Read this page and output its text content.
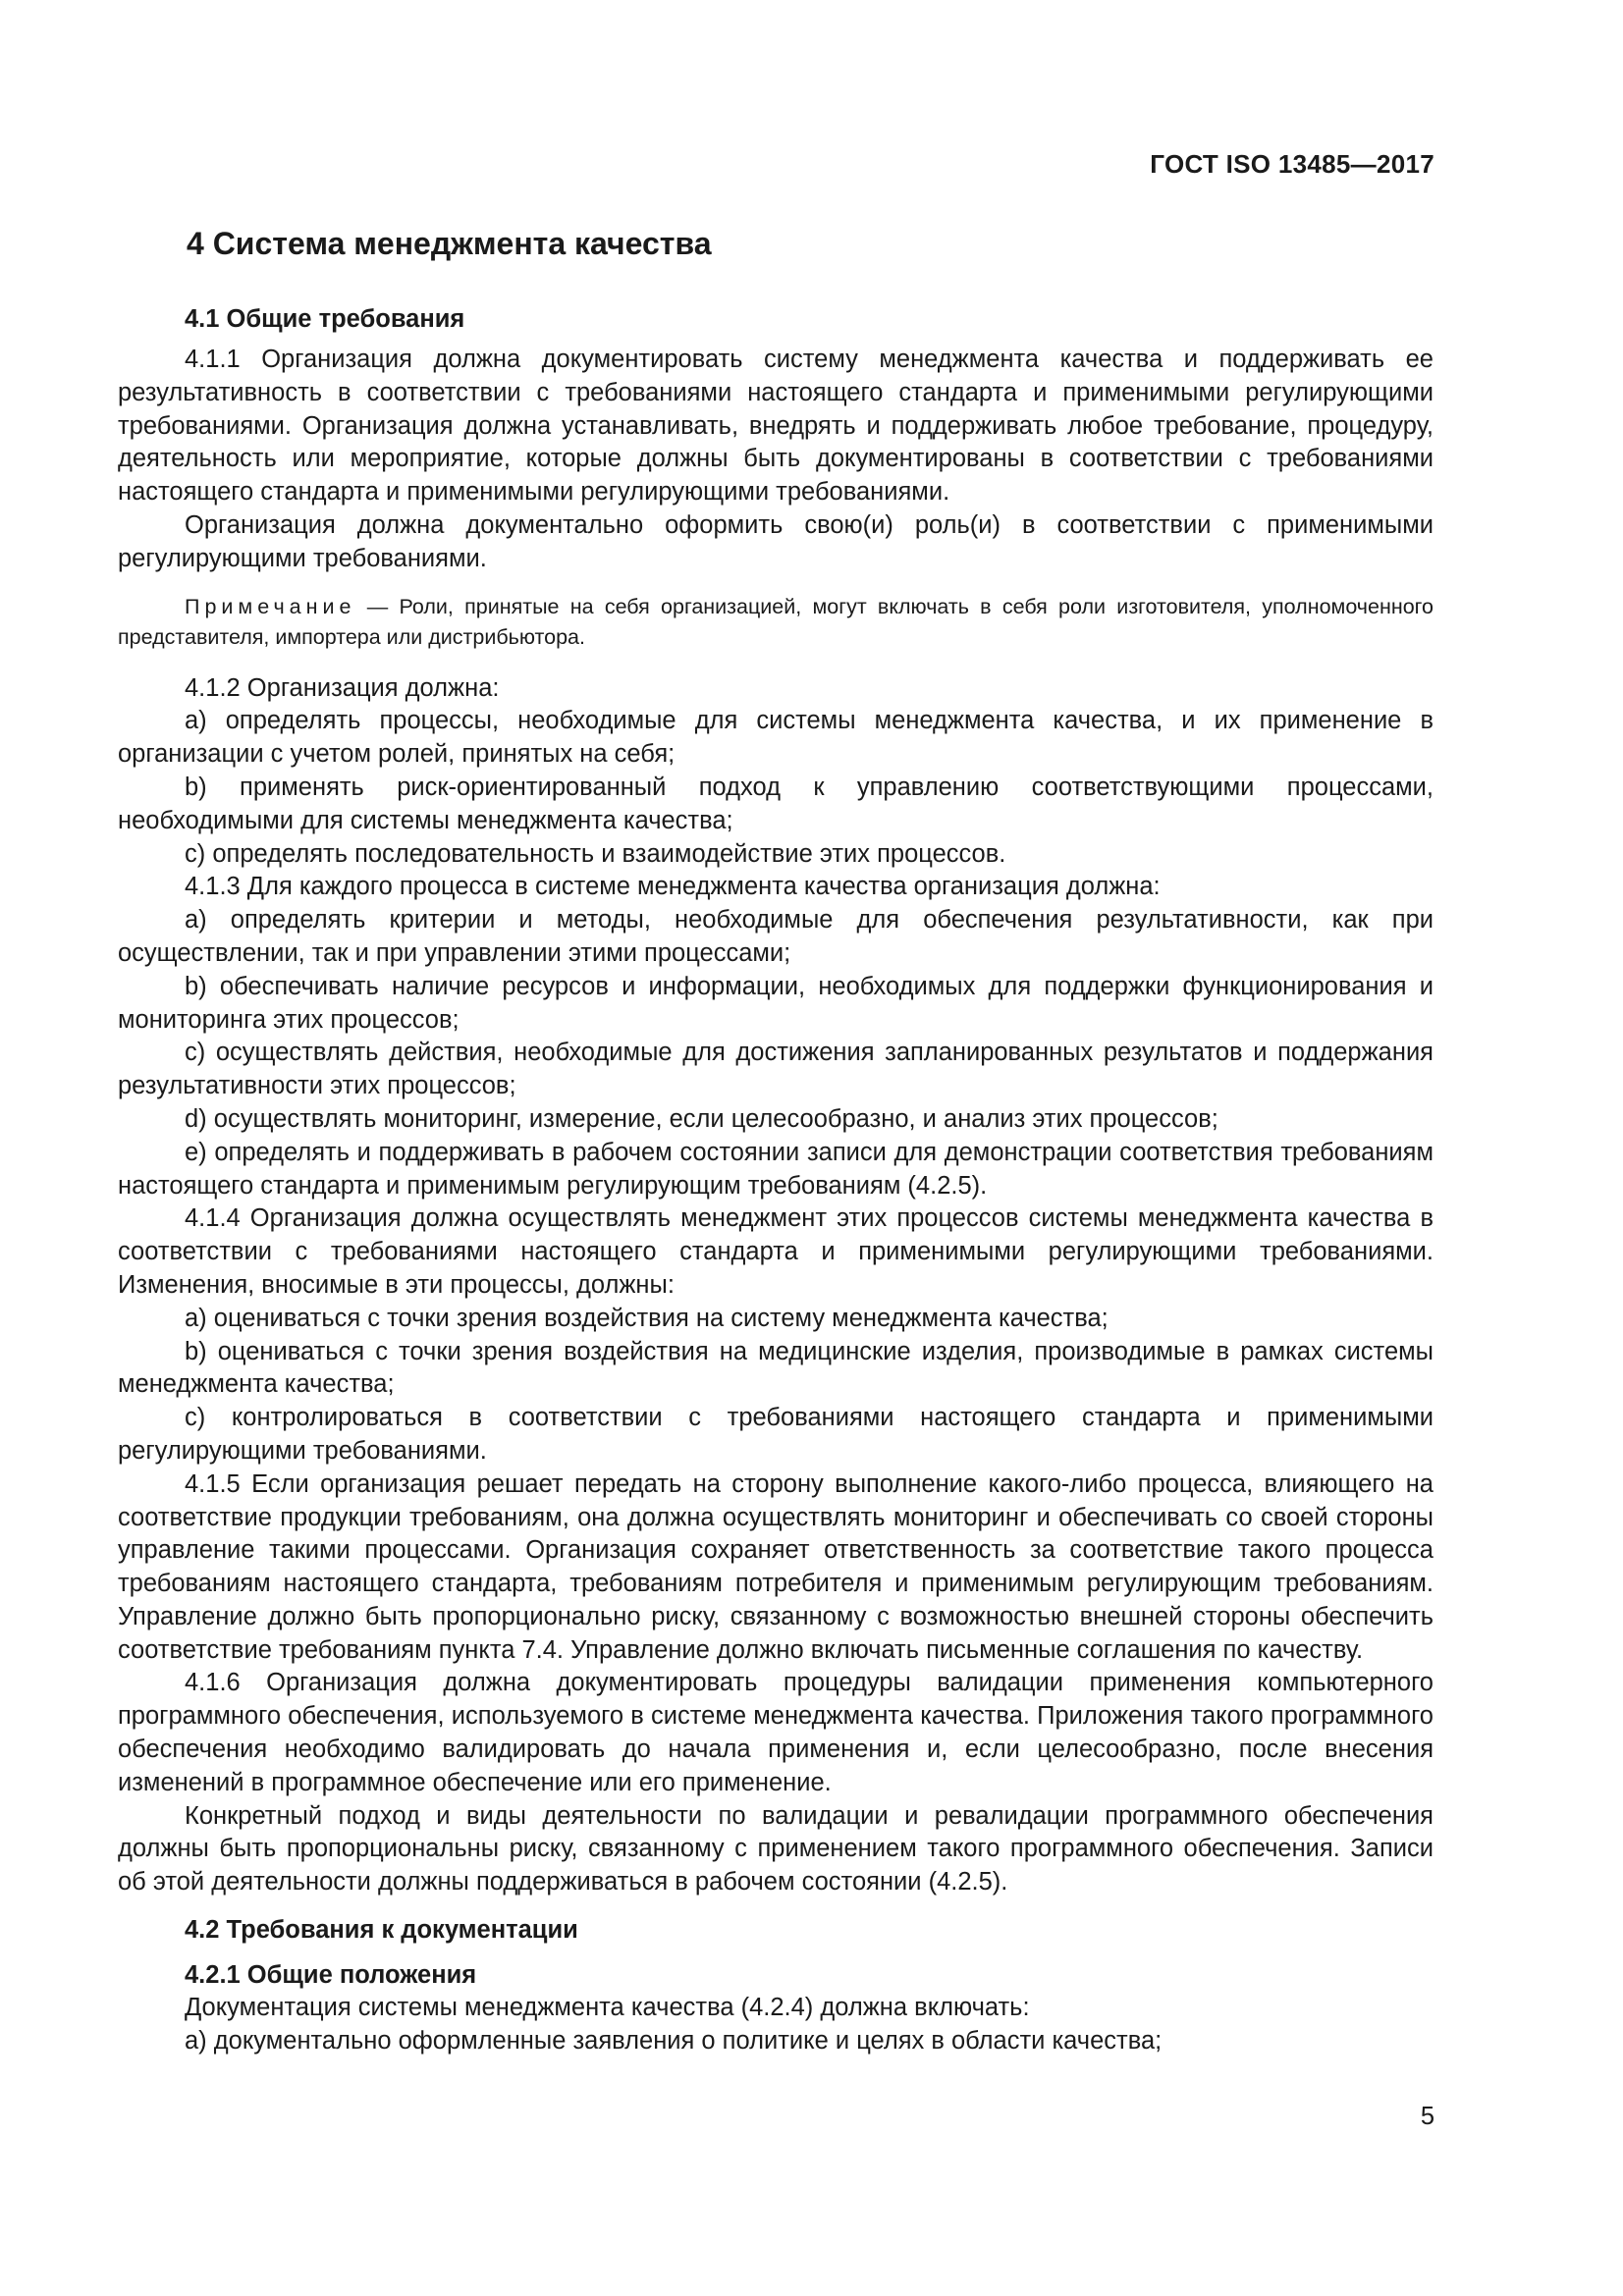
ГОСТ ISO 13485—2017
4 Система менеджмента качества
4.1 Общие требования

4.1.1 Организация должна документировать систему менеджмента качества и поддерживать ее результативность в соответствии с требованиями настоящего стандарта и применимыми регулирующими требованиями. Организация должна устанавливать, внедрять и поддерживать любое требование, процедуру, деятельность или мероприятие, которые должны быть документированы в соответствии с требованиями настоящего стандарта и применимыми регулирующими требованиями.

Организация должна документально оформить свою(и) роль(и) в соответствии с применимыми регулирующими требованиями.

Примечание — Роли, принятые на себя организацией, могут включать в себя роли изготовителя, уполномоченного представителя, импортера или дистрибьютора.

4.1.2 Организация должна:

a) определять процессы, необходимые для системы менеджмента качества, и их применение в организации с учетом ролей, принятых на себя;

b) применять риск-ориентированный подход к управлению соответствующими процессами, необходимыми для системы менеджмента качества;

c) определять последовательность и взаимодействие этих процессов.

4.1.3 Для каждого процесса в системе менеджмента качества организация должна:

a) определять критерии и методы, необходимые для обеспечения результативности, как при осуществлении, так и при управлении этими процессами;

b) обеспечивать наличие ресурсов и информации, необходимых для поддержки функционирования и мониторинга этих процессов;

c) осуществлять действия, необходимые для достижения запланированных результатов и поддержания результативности этих процессов;

d) осуществлять мониторинг, измерение, если целесообразно, и анализ этих процессов;

e) определять и поддерживать в рабочем состоянии записи для демонстрации соответствия требованиям настоящего стандарта и применимым регулирующим требованиям (4.2.5).

4.1.4 Организация должна осуществлять менеджмент этих процессов системы менеджмента качества в соответствии с требованиями настоящего стандарта и применимыми регулирующими требованиями. Изменения, вносимые в эти процессы, должны:

a) оцениваться с точки зрения воздействия на систему менеджмента качества;

b) оцениваться с точки зрения воздействия на медицинские изделия, производимые в рамках системы менеджмента качества;

c) контролироваться в соответствии с требованиями настоящего стандарта и применимыми регулирующими требованиями.

4.1.5 Если организация решает передать на сторону выполнение какого-либо процесса, влияющего на соответствие продукции требованиям, она должна осуществлять мониторинг и обеспечивать со своей стороны управление такими процессами. Организация сохраняет ответственность за соответствие такого процесса требованиям настоящего стандарта, требованиям потребителя и применимым регулирующим требованиям. Управление должно быть пропорционально риску, связанному с возможностью внешней стороны обеспечить соответствие требованиям пункта 7.4. Управление должно включать письменные соглашения по качеству.

4.1.6 Организация должна документировать процедуры валидации применения компьютерного программного обеспечения, используемого в системе менеджмента качества. Приложения такого программного обеспечения необходимо валидировать до начала применения и, если целесообразно, после внесения изменений в программное обеспечение или его применение.

Конкретный подход и виды деятельности по валидации и ревалидации программного обеспечения должны быть пропорциональны риску, связанному с применением такого программного обеспечения. Записи об этой деятельности должны поддерживаться в рабочем состоянии (4.2.5).

4.2 Требования к документации
4.2.1 Общие положения

Документация системы менеджмента качества (4.2.4) должна включать:

a) документально оформленные заявления о политике и целях в области качества;

5
